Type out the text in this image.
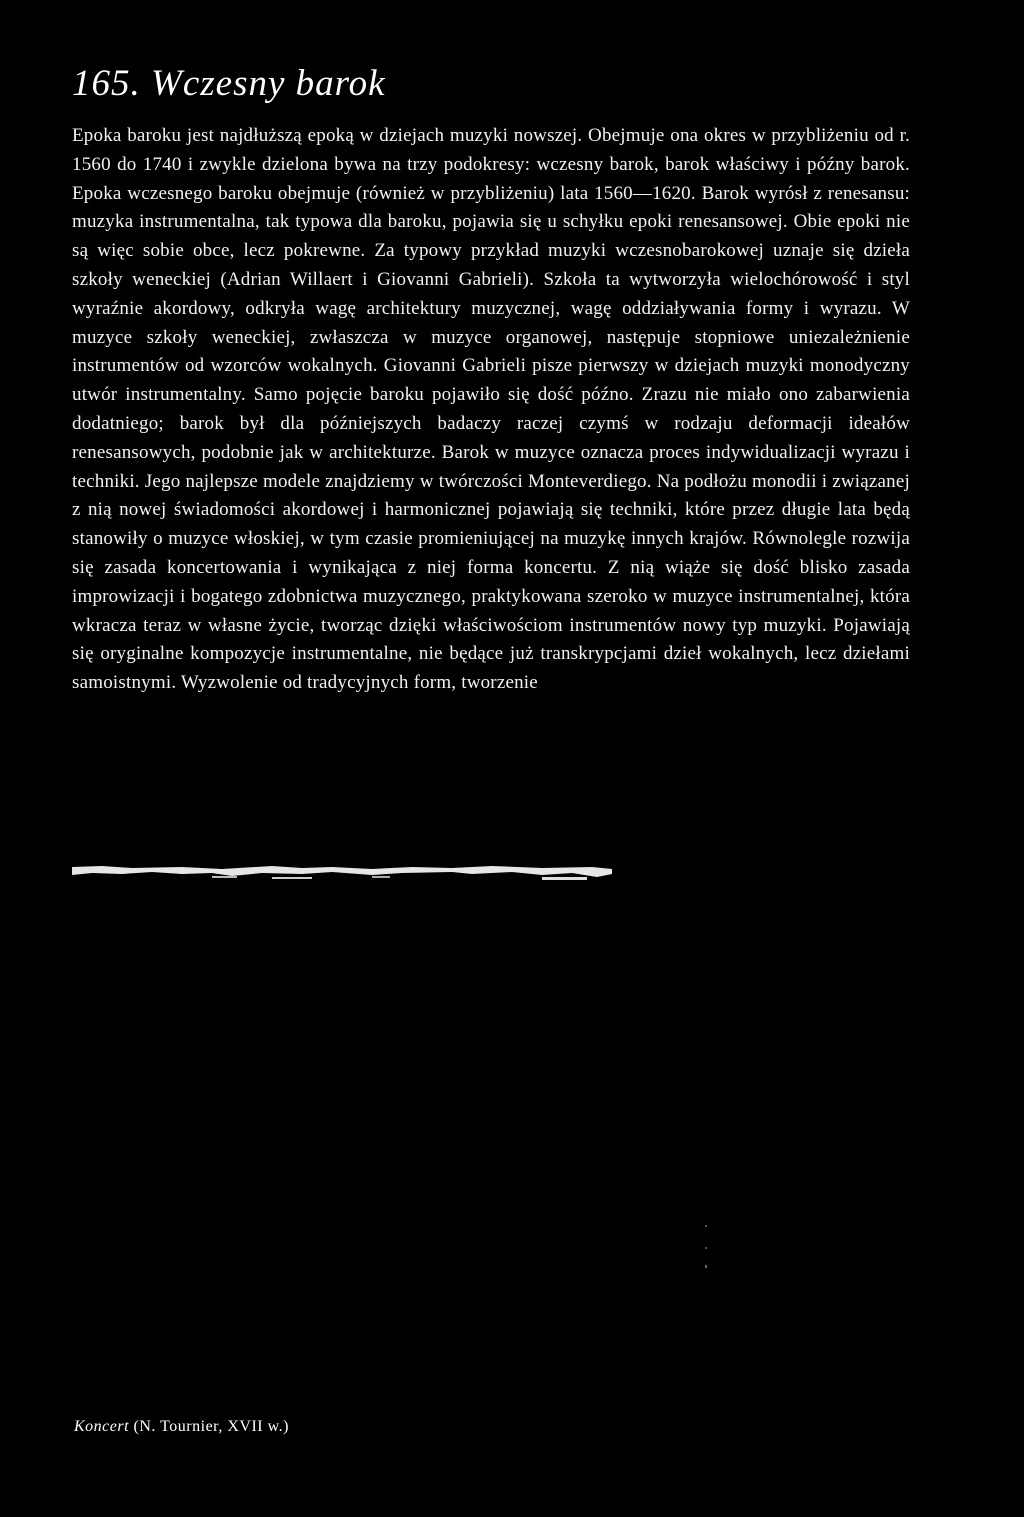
165. Wczesny barok

Epoka baroku jest najdłuższą epoką w dziejach muzyki nowszej. Obejmuje ona okres w przybliżeniu od r. 1560 do 1740 i zwykle dzielona bywa na trzy podokresy: wczesny barok, barok właściwy i późny barok. Epoka wczesnego baroku obejmuje (również w przybliżeniu) lata 1560—1620. Barok wyrósł z renesansu: muzyka instrumentalna, tak typowa dla baroku, pojawia się u schyłku epoki renesansowej. Obie epoki nie są więc sobie obce, lecz pokrewne. Za typowy przykład muzyki wczesnobarokowej uznaje się dzieła szkoły weneckiej (Adrian Willaert i Giovanni Gabrieli). Szkoła ta wytworzyła wielochórowość i styl wyraźnie akordowy, odkryła wagę architektury muzycznej, wagę oddziaływania formy i wyrazu. W muzyce szkoły weneckiej, zwłaszcza w muzyce organowej, następuje stopniowe uniezależnienie instrumentów od wzorców wokalnych. Giovanni Gabrieli pisze pierwszy w dziejach muzyki monodyczny utwór instrumentalny. Samo pojęcie baroku pojawiło się dość późno. Zrazu nie miało ono zabarwienia dodatniego; barok był dla późniejszych badaczy raczej czymś w rodzaju deformacji ideałów renesansowych, podobnie jak w architekturze. Barok w muzyce oznacza proces indywidualizacji wyrazu i techniki. Jego najlepsze modele znajdziemy w twórczości Monteverdiego. Na podłożu monodii i związanej z nią nowej świadomości akordowej i harmonicznej pojawiają się techniki, które przez długie lata będą stanowiły o muzyce włoskiej, w tym czasie promieniującej na muzykę innych krajów. Równolegle rozwija się zasada koncertowania i wynikająca z niej forma koncertu. Z nią wiąże się dość blisko zasada improwizacji i bogatego zdobnictwa muzycznego, praktykowana szeroko w muzyce instrumentalnej, która wkracza teraz w własne życie, tworząc dzięki właściwościom instrumentów nowy typ muzyki. Pojawiają się oryginalne kompozycje instrumentalne, nie będące już transkrypcjami dzieł wokalnych, lecz dziełami samoistnymi. Wyzwolenie od tradycyjnych form, tworzenie

Koncert (N. Tournier, XVII w.)
